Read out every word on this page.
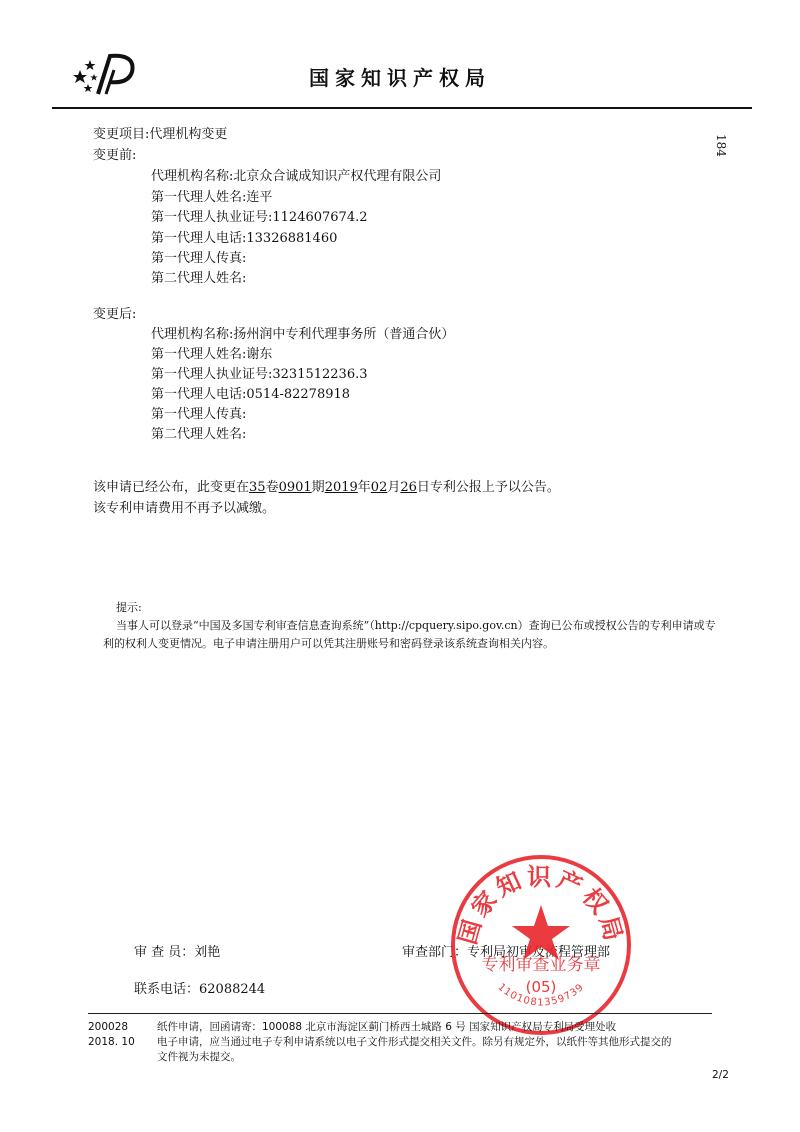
国家知识产权局
184
变更项目:代理机构变更
变更前:
代理机构名称:北京众合诚成知识产权代理有限公司
第一代理人姓名:连平
第一代理人执业证号:1124607674.2
第一代理人电话:13326881460
第一代理人传真:
第二代理人姓名:
变更后:
代理机构名称:扬州润中专利代理事务所（普通合伙）
第一代理人姓名:谢东
第一代理人执业证号:3231512236.3
第一代理人电话:0514-82278918
第一代理人传真:
第二代理人姓名:
该申请已经公布，此变更在35卷0901期2019年02月26日专利公报上予以公告。
该专利申请费用不再予以减缴。
提示:
当事人可以登录“中国及多国专利审查信息查询系统”（http://cpquery.sipo.gov.cn）查询已公布或授权公告的专利申请或专
利的权利人变更情况。电子申请注册用户可以凭其注册账号和密码登录该系统查询相关内容。
审 查 员：刘艳	审查部门：专利局初审及流程管理部
联系电话：62088244
国家知识产权局
专利审查业务章
(05)
1101081359739
200028
2018. 10
纸件申请，回函请寄：100088 北京市海淀区蓟门桥西土城路 6 号 国家知识产权局专利局受理处收
电子申请，应当通过电子专利申请系统以电子文件形式提交相关文件。除另有规定外，以纸件等其他形式提交的
文件视为未提交。
2/2
